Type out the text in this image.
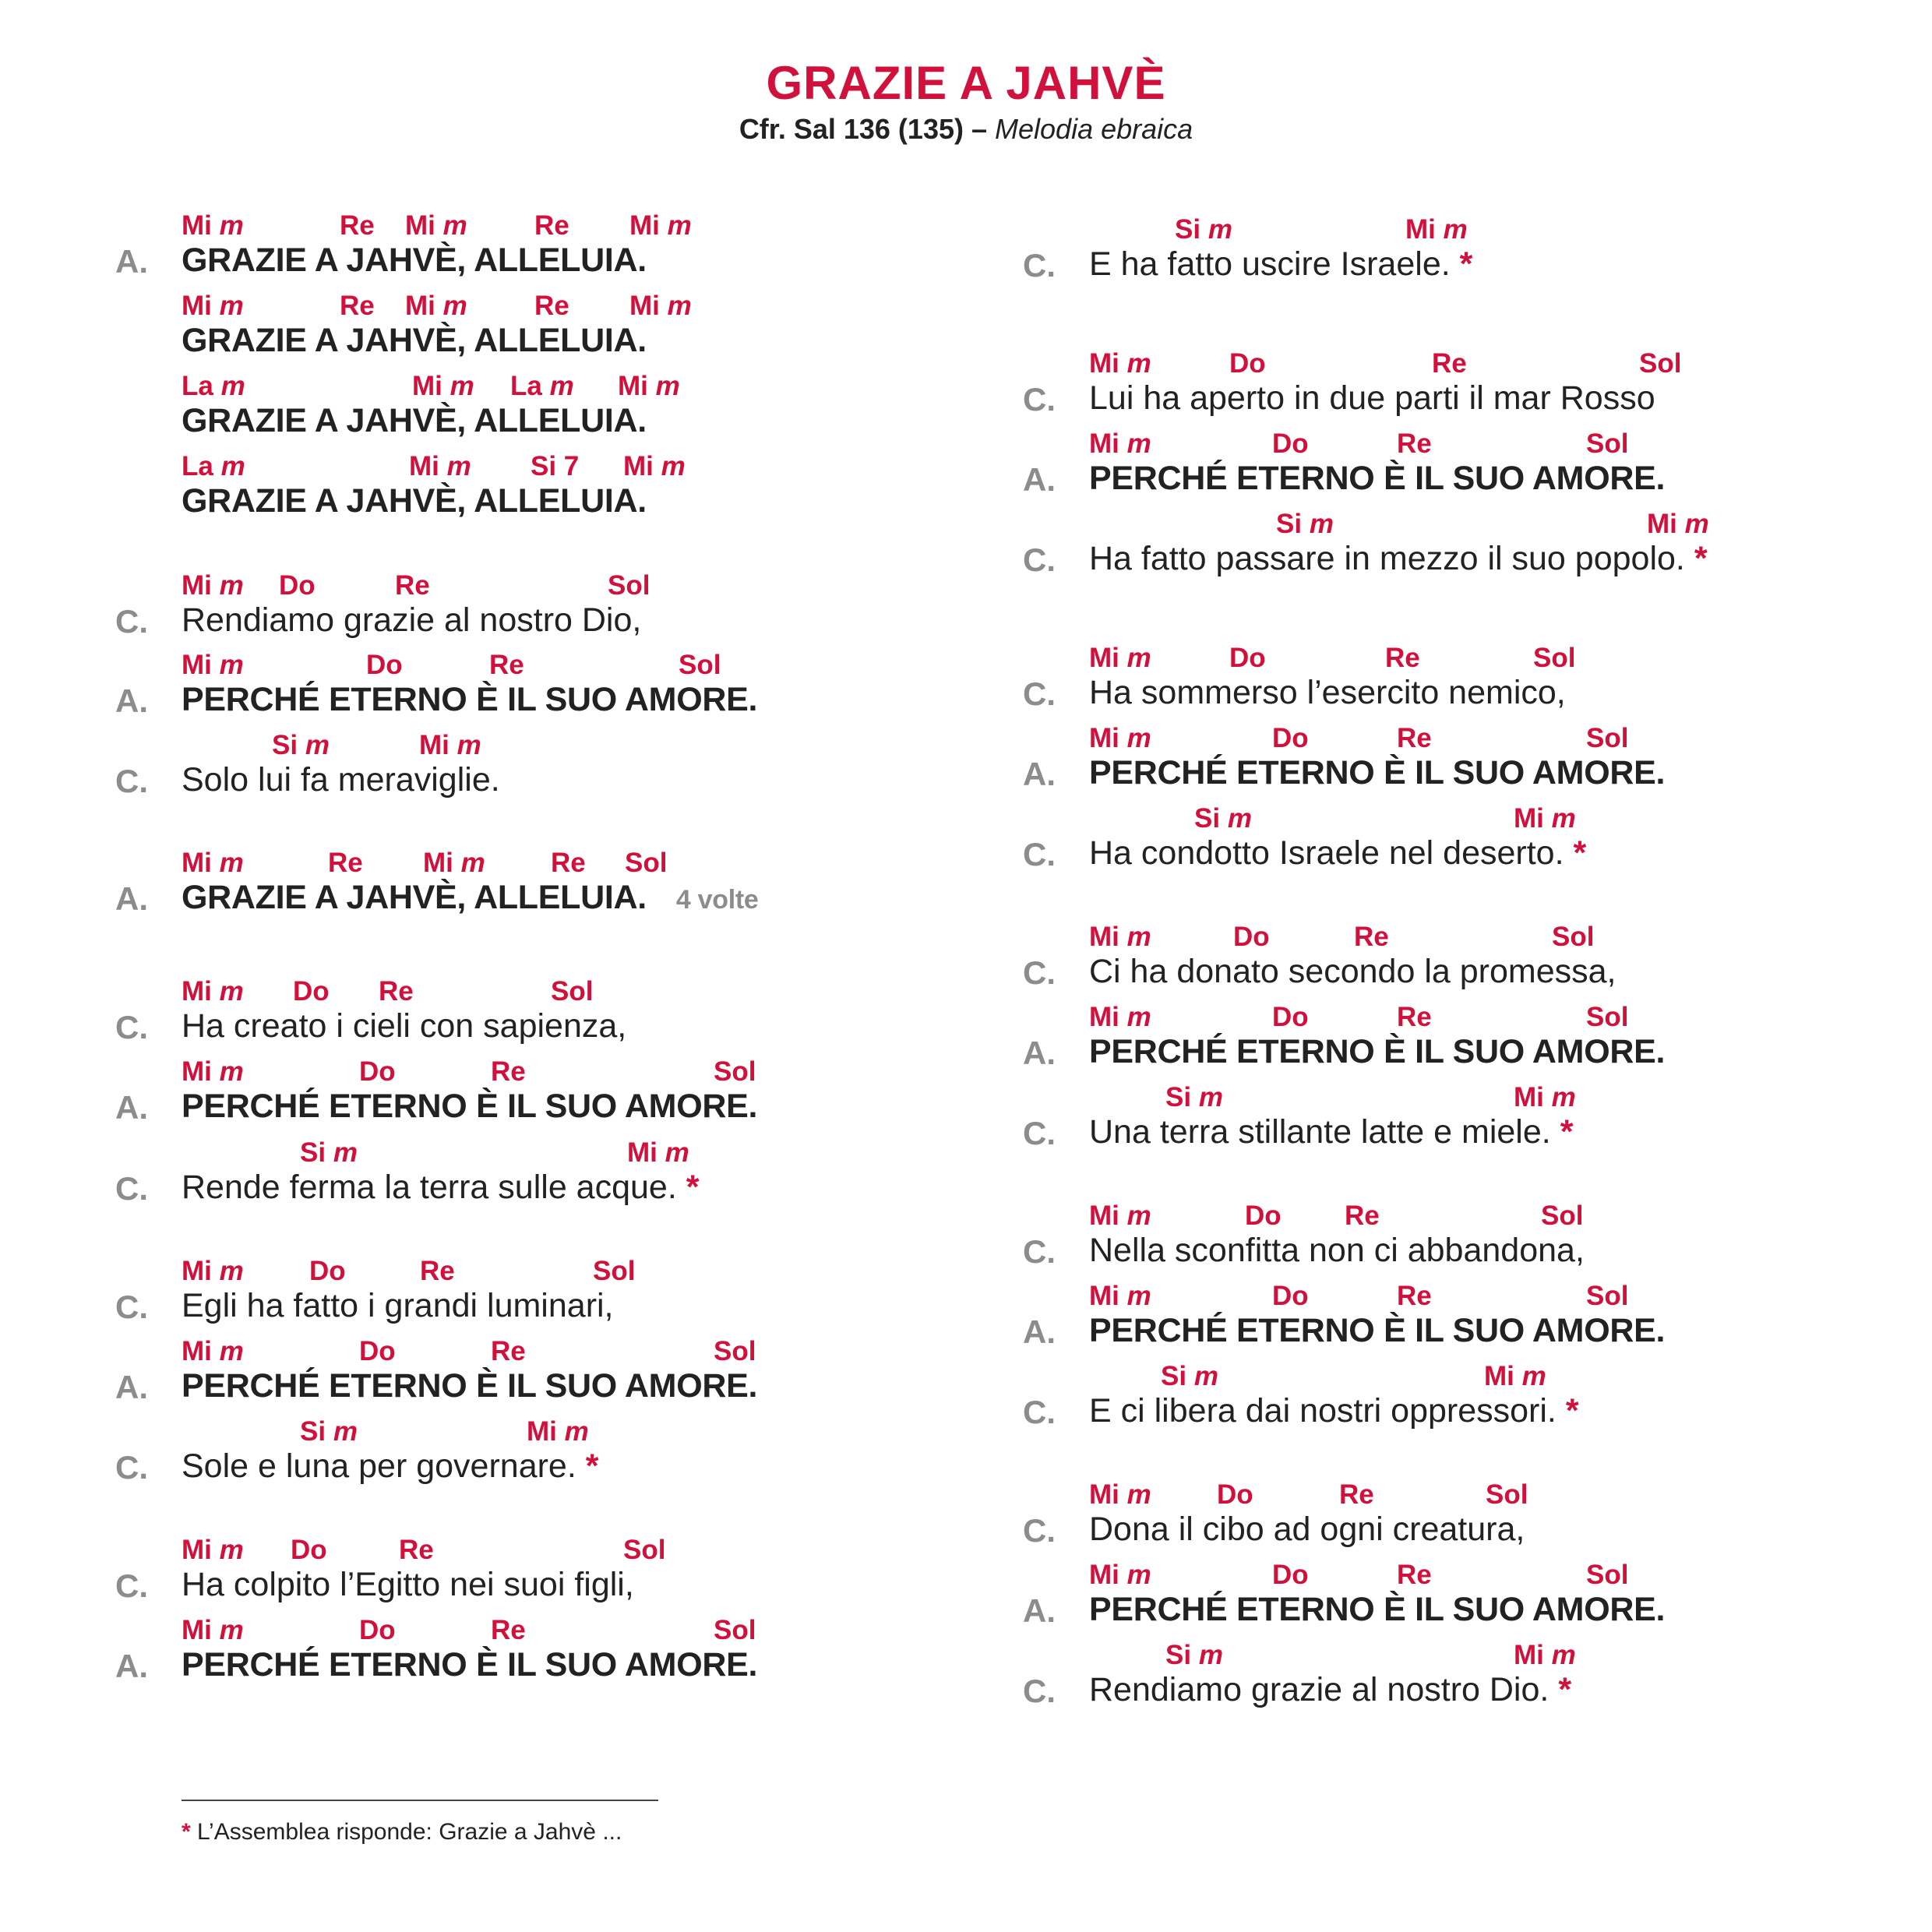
GRAZIE A JAHVÈ
Cfr. Sal 136 (135) – Melodia ebraica
Mi m	Re Mi m Re Mi m
A. GRAZIE A JAHVÈ, ALLELUIA.
Mi m	Re Mi m Re Mi m
GRAZIE A JAHVÈ, ALLELUIA.
La m	Mi m La m Mi m
GRAZIE A JAHVÈ, ALLELUIA.
La m	Mi m Si 7 Mi m
GRAZIE A JAHVÈ, ALLELUIA.
Mi m Do	Re	Sol
C. Rendiamo grazie al nostro Dio,
Mi m	Do	Re	Sol
A. PERCHÉ ETERNO È IL SUO AMORE.
Si m	Mi m
C. Solo lui fa meraviglie.
Mi m	Re Mi m Re Sol
A. GRAZIE A JAHVÈ, ALLELUIA. 4 volte
Mi m Do Re	Sol
C. Ha creato i cieli con sapienza,
Mi m	Do	Re	Sol
A. PERCHÉ ETERNO È IL SUO AMORE.
Si m	Mi m
C. Rende ferma la terra sulle acque. *
Mi m Do	Re	Sol
C. Egli ha fatto i grandi luminari,
Mi m	Do	Re	Sol
A. PERCHÉ ETERNO È IL SUO AMORE.
Si m	Mi m
C. Sole e luna per governare. *
Mi m Do	Re	Sol
C. Ha colpito l’Egitto nei suoi figli,
Mi m	Do	Re	Sol
A. PERCHÉ ETERNO È IL SUO AMORE.
Si m	Mi m
C. E ha fatto uscire Israele. *
Mi m	Do	Re	Sol
C. Lui ha aperto in due parti il mar Rosso
Mi m	Do	Re	Sol
A. PERCHÉ ETERNO È IL SUO AMORE.
Si m	Mi m
C. Ha fatto passare in mezzo il suo popolo. *
Mi m	Do	Re	Sol
C. Ha sommerso l’esercito nemico,
Mi m	Do	Re	Sol
A. PERCHÉ ETERNO È IL SUO AMORE.
Si m	Mi m
C. Ha condotto Israele nel deserto. *
Mi m	Do	Re	Sol
C. Ci ha donato secondo la promessa,
Mi m	Do	Re	Sol
A. PERCHÉ ETERNO È IL SUO AMORE.
Si m	Mi m
C. Una terra stillante latte e miele. *
Mi m	Do Re	Sol
C. Nella sconfitta non ci abbandona,
Mi m	Do	Re	Sol
A. PERCHÉ ETERNO È IL SUO AMORE.
Si m	Mi m
C. E ci libera dai nostri oppressori. *
Mi m Do	Re	Sol
C. Dona il cibo ad ogni creatura,
Mi m	Do	Re	Sol
A. PERCHÉ ETERNO È IL SUO AMORE.
Si m	Mi m
C. Rendiamo grazie al nostro Dio. *
* L’Assemblea risponde: Grazie a Jahvè ...
